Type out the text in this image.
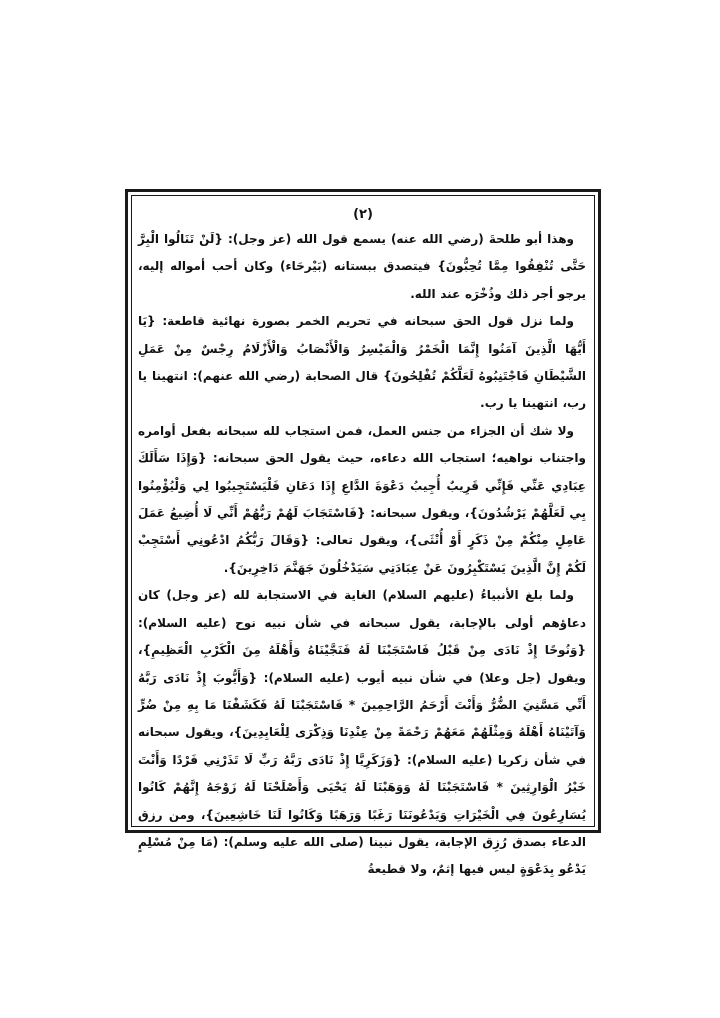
(٢)

وهذا أبو طلحةَ (رضي الله عنه) يسمع قول الله (عز وجل): {لَنْ تَنَالُوا الْبِرَّ حَتَّى تُنْفِقُوا مِمَّا تُحِبُّونَ} فيتصدق ببستانه (بَيْرحَاء) وكان أحب أمواله إليه، يرجو أجر ذلك وذُخْرَه عند الله.

ولما نزل قول الحق سبحانه في تحريم الخمر بصورة نهائية قاطعة: {يَا أَيُّهَا الَّذِينَ آمَنُوا إِنَّمَا الْخَمْرُ وَالْمَيْسِرُ وَالْأَنْصَابُ وَالْأَزْلَامُ رِجْسٌ مِنْ عَمَلِ الشَّيْطَانِ فَاجْتَنِبُوهُ لَعَلَّكُمْ تُفْلِحُونَ} قال الصحابة (رضي الله عنهم): انتهينا يا رب، انتهينا يا رب.

ولا شك أن الجزاء من جنس العمل، فمن استجاب لله سبحانه بفعل أوامره واجتناب نواهيه؛ استجاب الله دعاءه، حيث يقول الحق سبحانه: {وَإِذَا سَأَلَكَ عِبَادِي عَنِّي فَإِنِّي قَرِيبٌ أُجِيبُ دَعْوَةَ الدَّاعِ إِذَا دَعَانِ فَلْيَسْتَجِيبُوا لِي وَلْيُؤْمِنُوا بِي لَعَلَّهُمْ يَرْشُدُونَ}، ويقول سبحانه: {فَاسْتَجَابَ لَهُمْ رَبُّهُمْ أَنِّي لَا أُضِيعُ عَمَلَ عَامِلٍ مِنْكُمْ مِنْ ذَكَرٍ أَوْ أُنْثَى}، ويقول تعالى: {وَقَالَ رَبُّكُمُ ادْعُونِي أَسْتَجِبْ لَكُمْ إِنَّ الَّذِينَ يَسْتَكْبِرُونَ عَنْ عِبَادَتِي سَيَدْخُلُونَ جَهَنَّمَ دَاخِرِينَ}.

ولما بلغ الأنبياءُ (عليهم السلام) الغاية في الاستجابة لله (عز وجل) كان دعاؤهم أولى بالإجابة، يقول سبحانه في شأن نبيه نوح (عليه السلام): {وَنُوحًا إِذْ نَادَى مِنْ قَبْلُ فَاسْتَجَبْنَا لَهُ فَنَجَّيْنَاهُ وَأَهْلَهُ مِنَ الْكَرْبِ الْعَظِيمِ}، ويقول (جل وعلا) في شأن نبيه أيوب (عليه السلام): {وَأَيُّوبَ إِذْ نَادَى رَبَّهُ أَنِّي مَسَّنِيَ الضُّرُّ وَأَنْتَ أَرْحَمُ الرَّاحِمِينَ * فَاسْتَجَبْنَا لَهُ فَكَشَفْنَا مَا بِهِ مِنْ ضُرٍّ وَآتَيْنَاهُ أَهْلَهُ وَمِثْلَهُمْ مَعَهُمْ رَحْمَةً مِنْ عِنْدِنَا وَذِكْرَى لِلْعَابِدِينَ}، ويقول سبحانه في شأن زكريا (عليه السلام): {وَزَكَرِيَّا إِذْ نَادَى رَبَّهُ رَبِّ لَا تَذَرْنِي فَرْدًا وَأَنْتَ خَيْرُ الْوَارِثِينَ * فَاسْتَجَبْنَا لَهُ وَوَهَبْنَا لَهُ يَحْيَى وَأَصْلَحْنَا لَهُ زَوْجَهُ إِنَّهُمْ كَانُوا يُسَارِعُونَ فِي الْخَيْرَاتِ وَيَدْعُونَنَا رَغَبًا وَرَهَبًا وَكَانُوا لَنَا خَاشِعِينَ}، ومن رزق الدعاء بصدق رُزِق الإجابة، يقول نبينا (صلى الله عليه وسلم): (مَا مِنْ مُسْلِمٍ يَدْعُو بِدَعْوَةٍ ليس فيها إثمٌ، ولا قطيعةُ
